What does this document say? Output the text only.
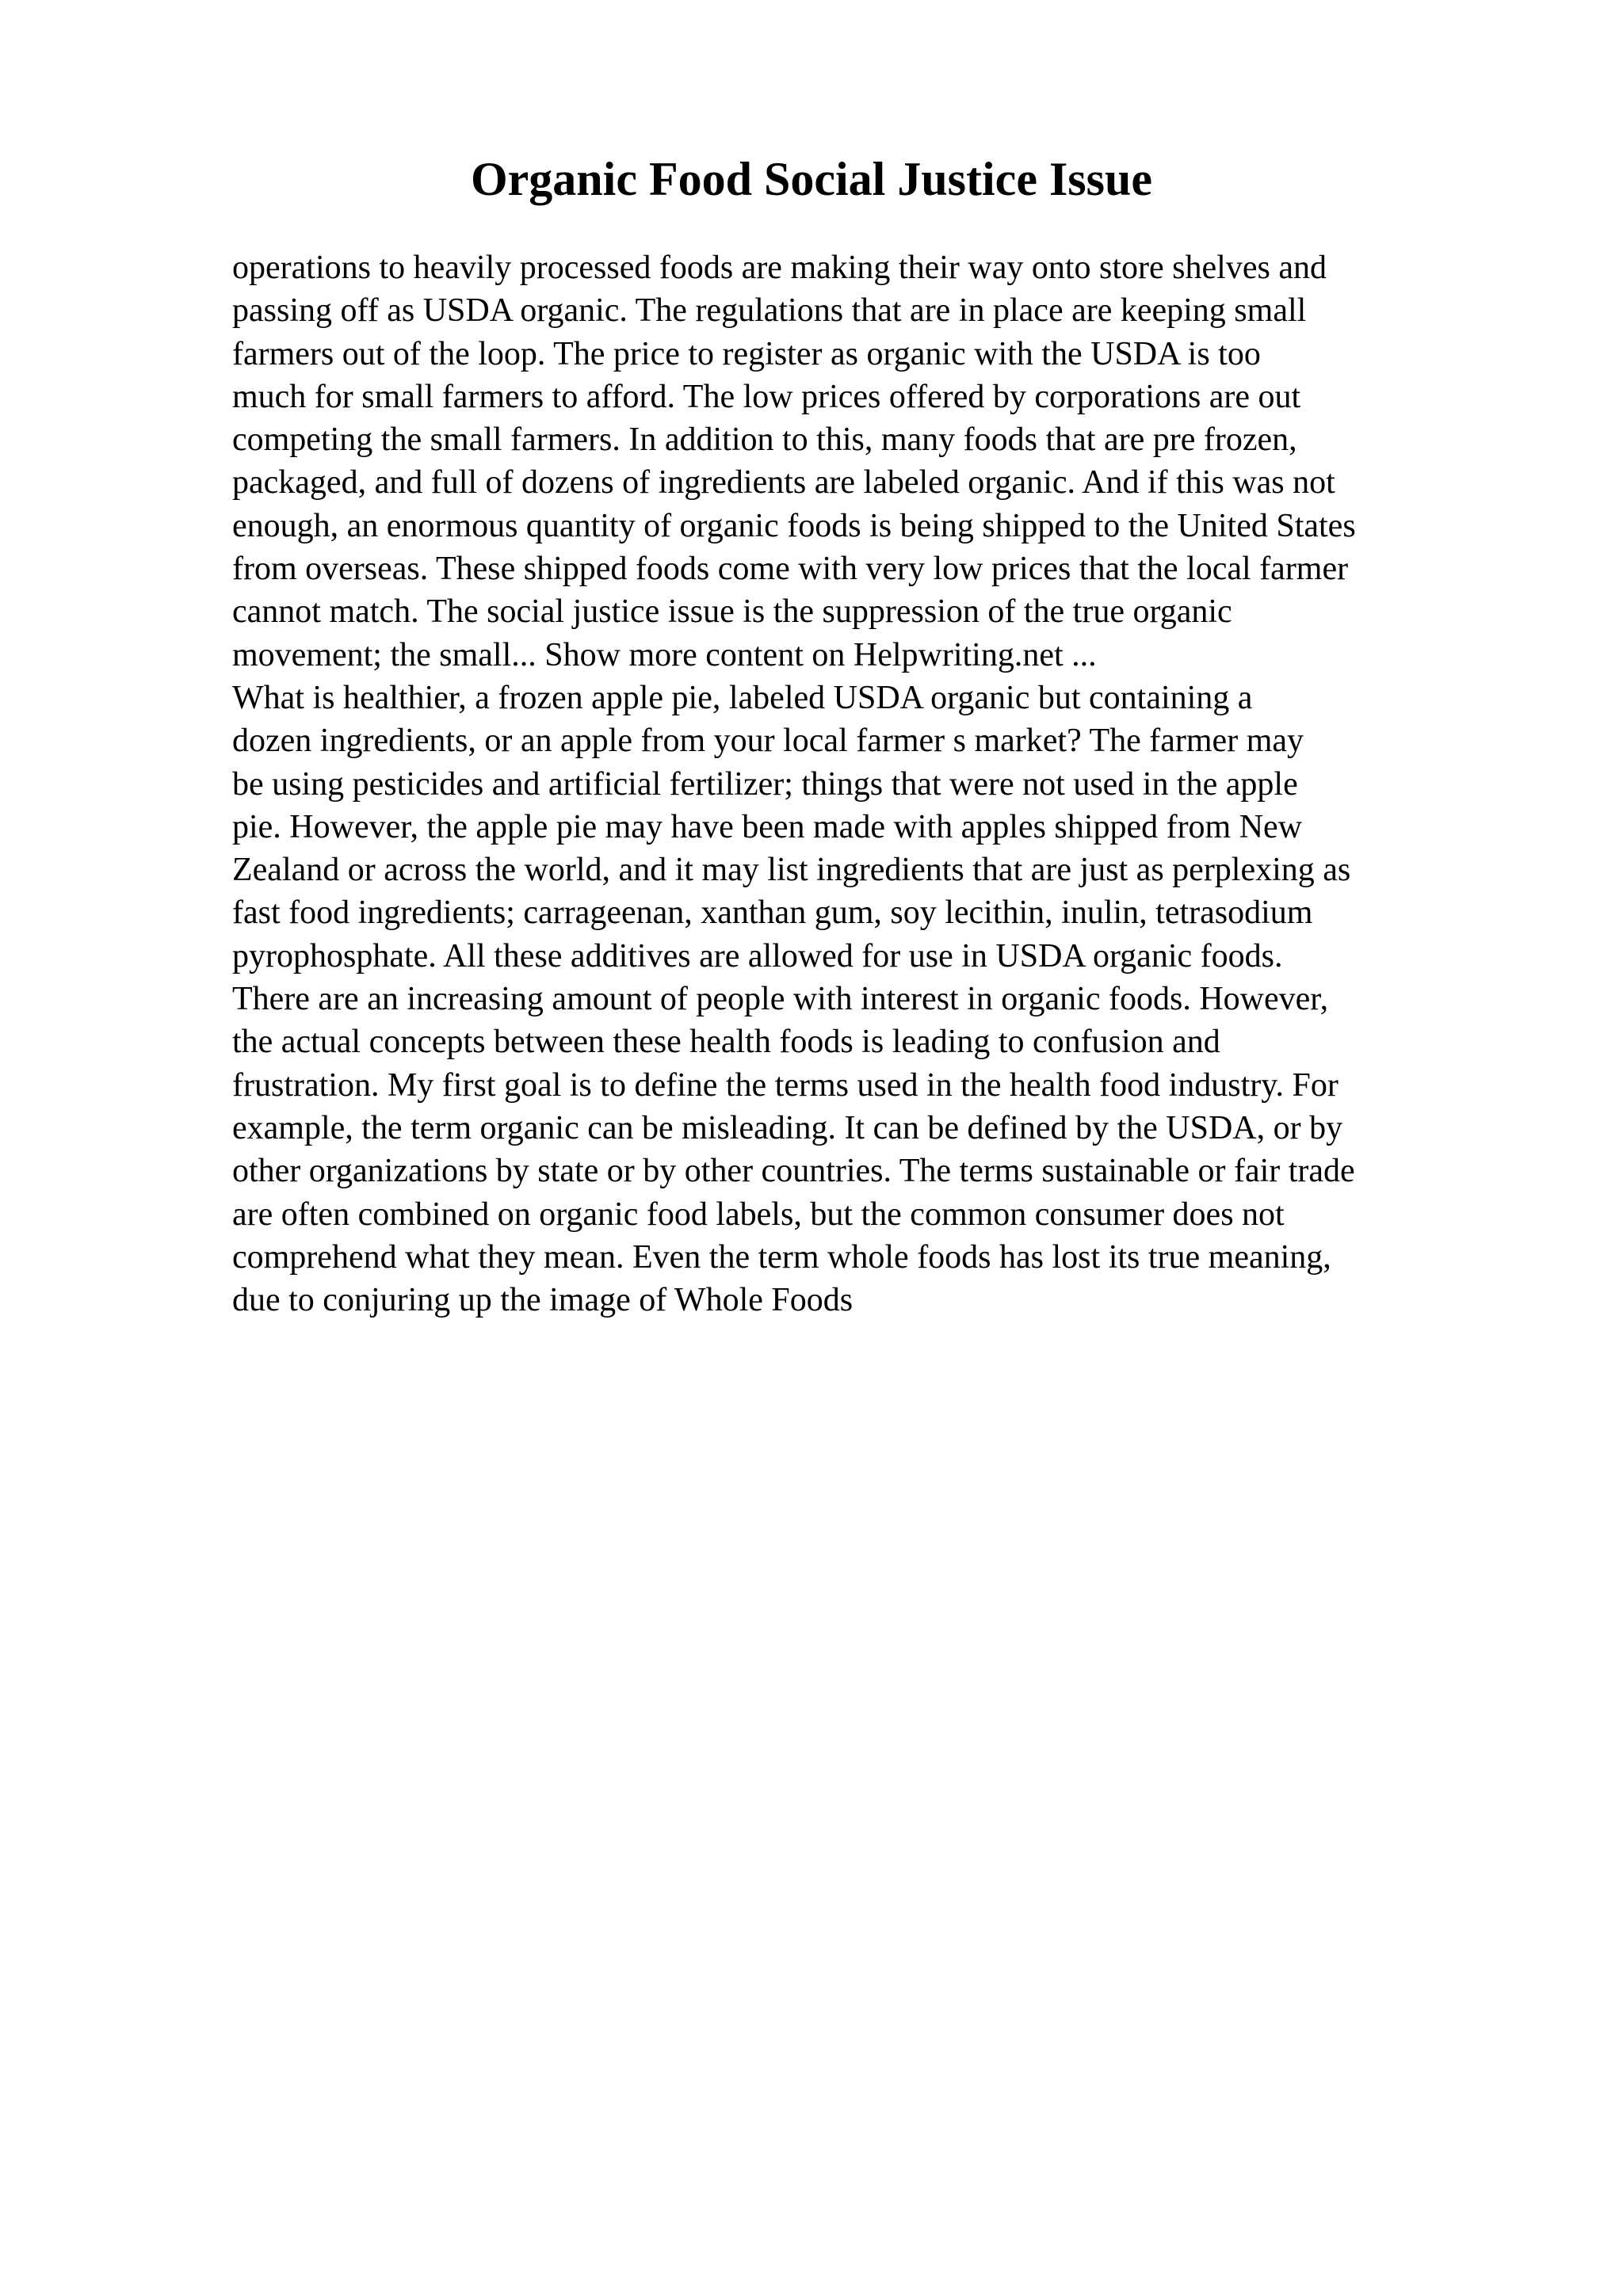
Organic Food Social Justice Issue
operations to heavily processed foods are making their way onto store shelves and
passing off as USDA organic. The regulations that are in place are keeping small
farmers out of the loop. The price to register as organic with the USDA is too
much for small farmers to afford. The low prices offered by corporations are out
competing the small farmers. In addition to this, many foods that are pre frozen,
packaged, and full of dozens of ingredients are labeled organic. And if this was not
enough, an enormous quantity of organic foods is being shipped to the United States
from overseas. These shipped foods come with very low prices that the local farmer
cannot match. The social justice issue is the suppression of the true organic
movement; the small... Show more content on Helpwriting.net ...
What is healthier, a frozen apple pie, labeled USDA organic but containing a
dozen ingredients, or an apple from your local farmer s market? The farmer may
be using pesticides and artificial fertilizer; things that were not used in the apple
pie. However, the apple pie may have been made with apples shipped from New
Zealand or across the world, and it may list ingredients that are just as perplexing as
fast food ingredients; carrageenan, xanthan gum, soy lecithin, inulin, tetrasodium
pyrophosphate. All these additives are allowed for use in USDA organic foods.
There are an increasing amount of people with interest in organic foods. However,
the actual concepts between these health foods is leading to confusion and
frustration. My first goal is to define the terms used in the health food industry. For
example, the term organic can be misleading. It can be defined by the USDA, or by
other organizations by state or by other countries. The terms sustainable or fair trade
are often combined on organic food labels, but the common consumer does not
comprehend what they mean. Even the term whole foods has lost its true meaning,
due to conjuring up the image of Whole Foods
